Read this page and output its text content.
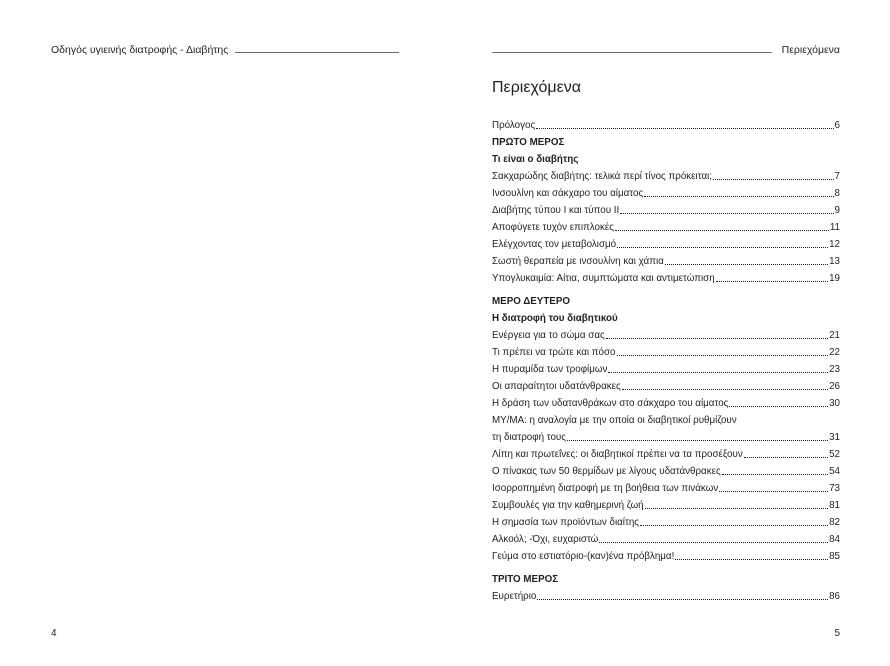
Οδηγός υγιεινής διατροφής - Διαβήτης
4
Περιεχόμενα
Περιεχόμενα
Πρόλογος	6
ΠΡΩΤΟ ΜΕΡΟΣ
Τι είναι ο διαβήτης
Σακχαρώδης διαβήτης: τελικά περί τίνος πρόκειται;	7
Ινσουλίνη και σάκχαρο του αίματος	8
Διαβήτης τύπου Ι και τύπου ΙΙ	9
Αποφύγετε τυχόν επιπλοκές	11
Ελέγχοντας τον μεταβολισμό	12
Σωστή θεραπεία με ινσουλίνη και χάπια	13
Υπογλυκαιμία: Αίτια, συμπτώματα και αντιμετώπιση	19
ΜΕΡΟ ΔΕΥΤΕΡΟ
Η διατροφή του διαβητικού
Ενέργεια για το σώμα σας	21
Τι πρέπει να τρώτε και πόσο	22
Η πυραμίδα των τροφίμων	23
Οι απαραίτητοι υδατάνθρακες	26
Η δράση των υδατανθράκων στο σάκχαρο του αίματος	30
ΜΥ/ΜΑ: η αναλογία με την οποία οι διαβητικοί ρυθμίζουν
τη διατροφή τους	31
Λίπη και πρωτεΐνες: οι διαβητικοί πρέπει να τα προσέξουν	52
Ο πίνακας των 50 θερμίδων με λίγους υδατάνθρακες	54
Ισορροπημένη διατροφή με τη βοήθεια των πινάκων	73
Συμβουλές για την καθημερινή ζωή	81
Η σημασία των προϊόντων διαίτης	82
Αλκοόλ; -Όχι, ευχαριστώ	84
Γεύμα στο εστιατόριο-(καν)ένα πρόβλημα!	85
ΤΡΙΤΟ ΜΕΡΟΣ
Ευρετήριο	86
5
